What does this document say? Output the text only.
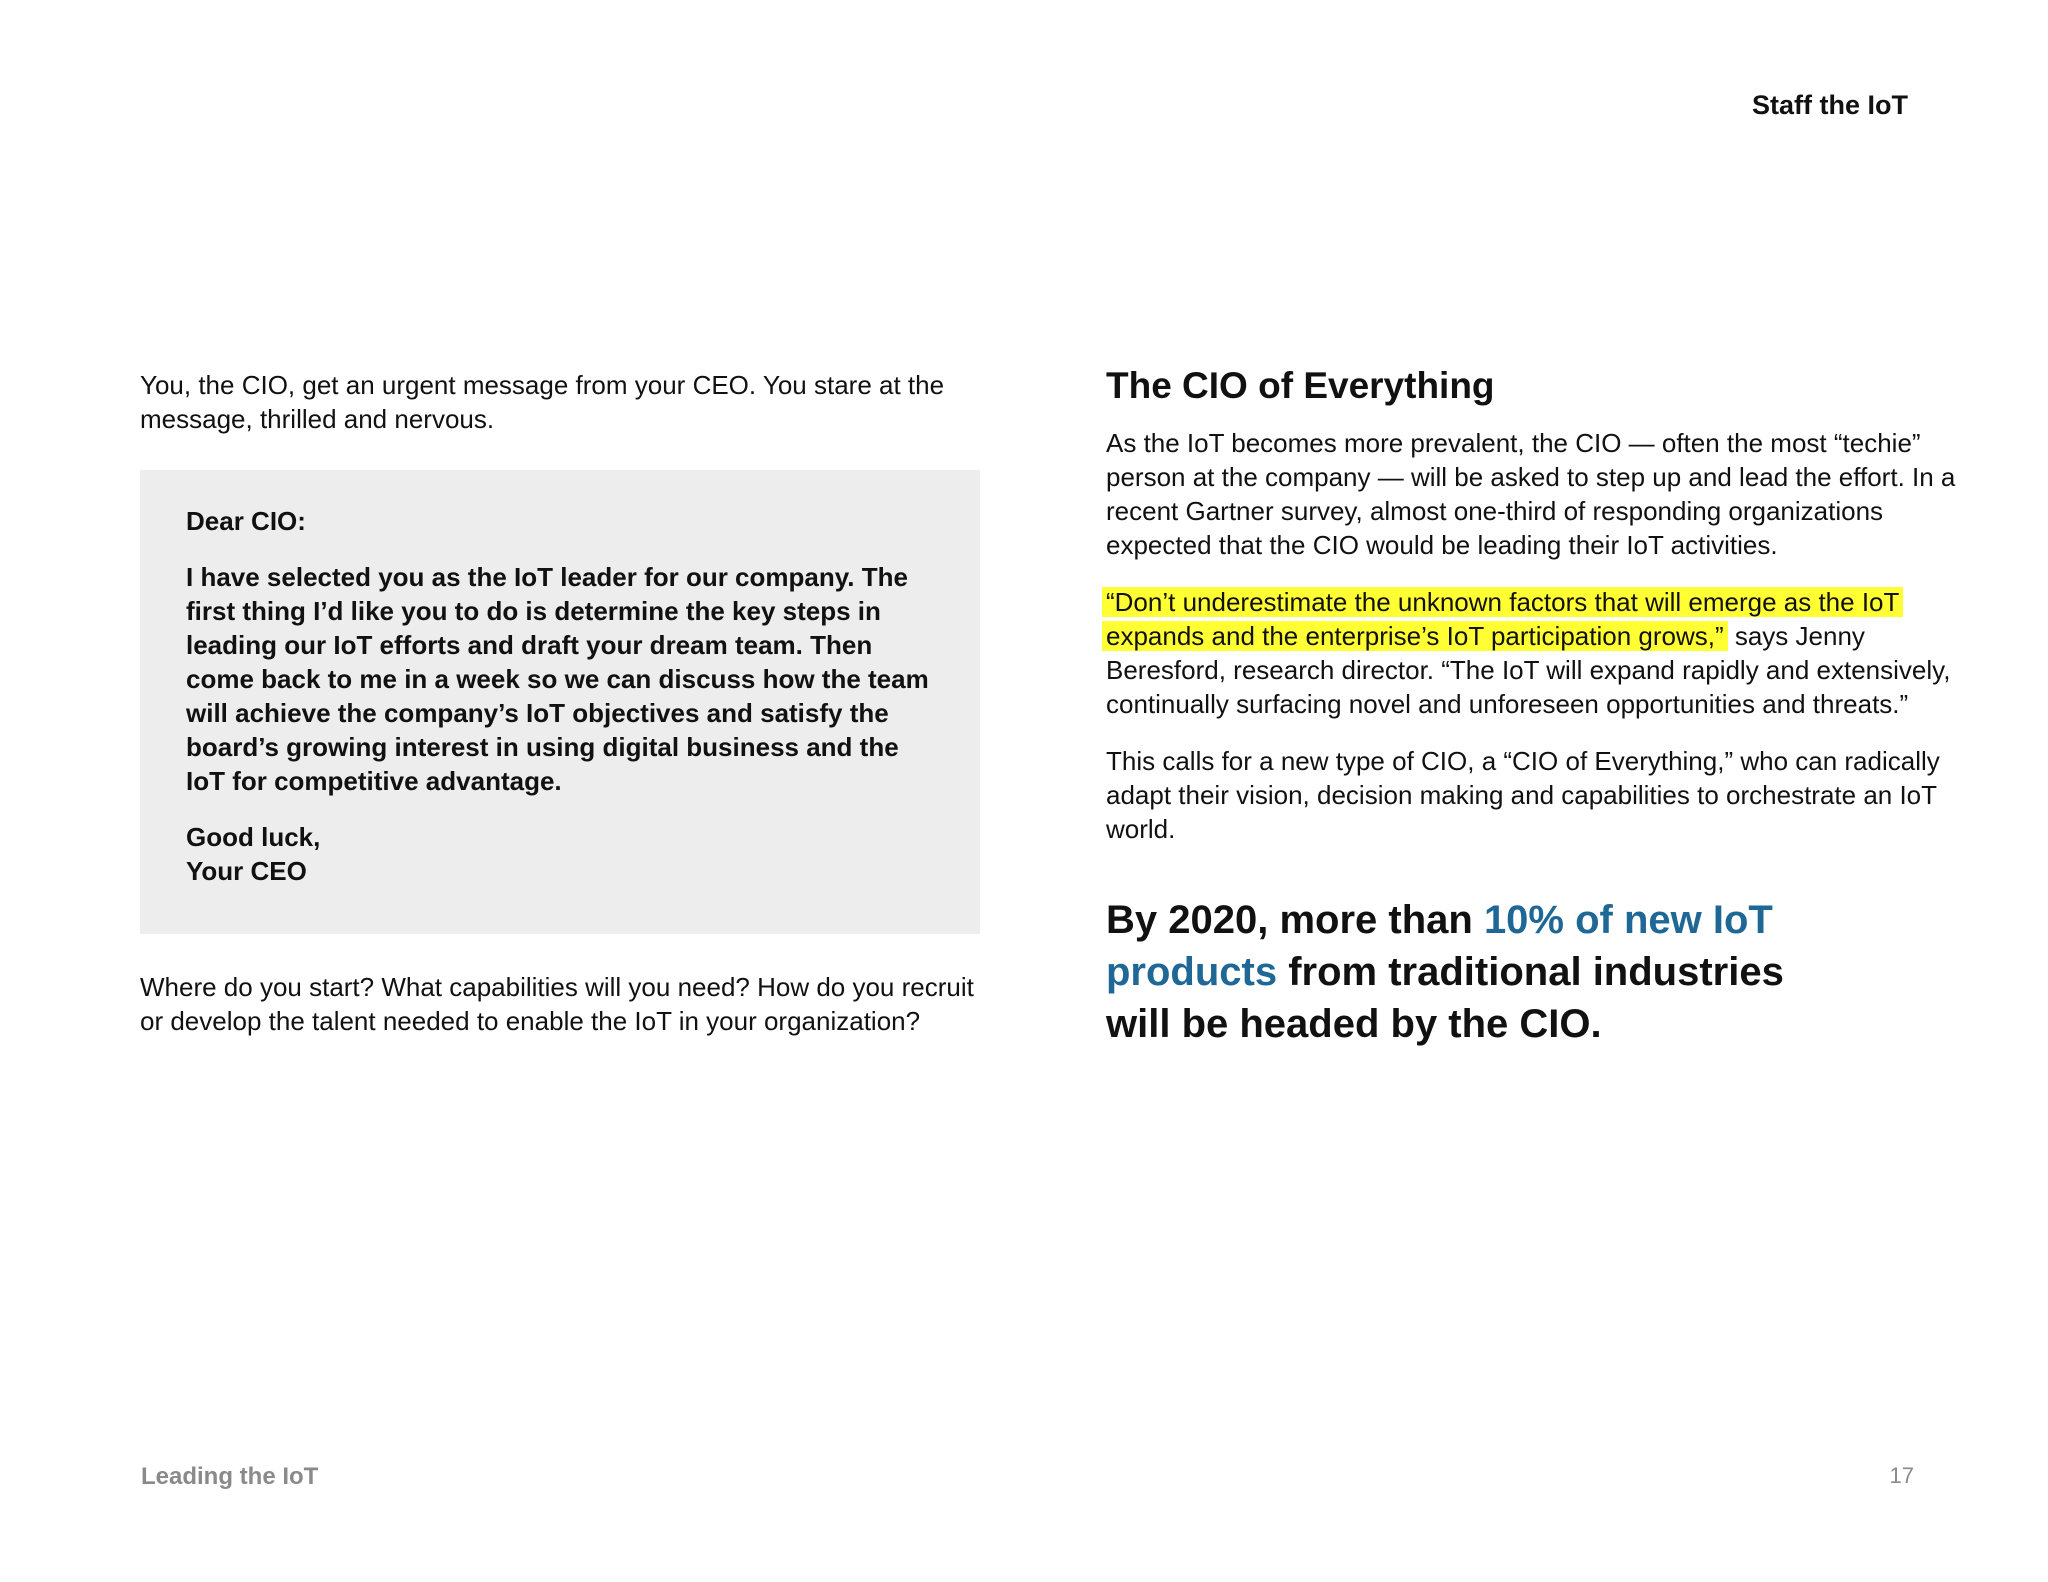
Staff the IoT

You, the CIO, get an urgent message from your CEO. You stare at the message, thrilled and nervous.

Dear CIO:

I have selected you as the IoT leader for our company. The first thing I’d like you to do is determine the key steps in leading our IoT efforts and draft your dream team. Then come back to me in a week so we can discuss how the team will achieve the company’s IoT objectives and satisfy the board’s growing interest in using digital business and the IoT for competitive advantage.

Good luck,
Your CEO

Where do you start? What capabilities will you need? How do you recruit or develop the talent needed to enable the IoT in your organization?

The CIO of Everything

As the IoT becomes more prevalent, the CIO — often the most “techie” person at the company — will be asked to step up and lead the effort. In a recent Gartner survey, almost one-third of responding organizations expected that the CIO would be leading their IoT activities.

“Don’t underestimate the unknown factors that will emerge as the IoT expands and the enterprise’s IoT participation grows,” says Jenny Beresford, research director. “The IoT will expand rapidly and extensively, continually surfacing novel and unforeseen opportunities and threats.”

This calls for a new type of CIO, a “CIO of Everything,” who can radically adapt their vision, decision making and capabilities to orchestrate an IoT world.

By 2020, more than 10% of new IoT products from traditional industries will be headed by the CIO.
Leading the IoT	17
